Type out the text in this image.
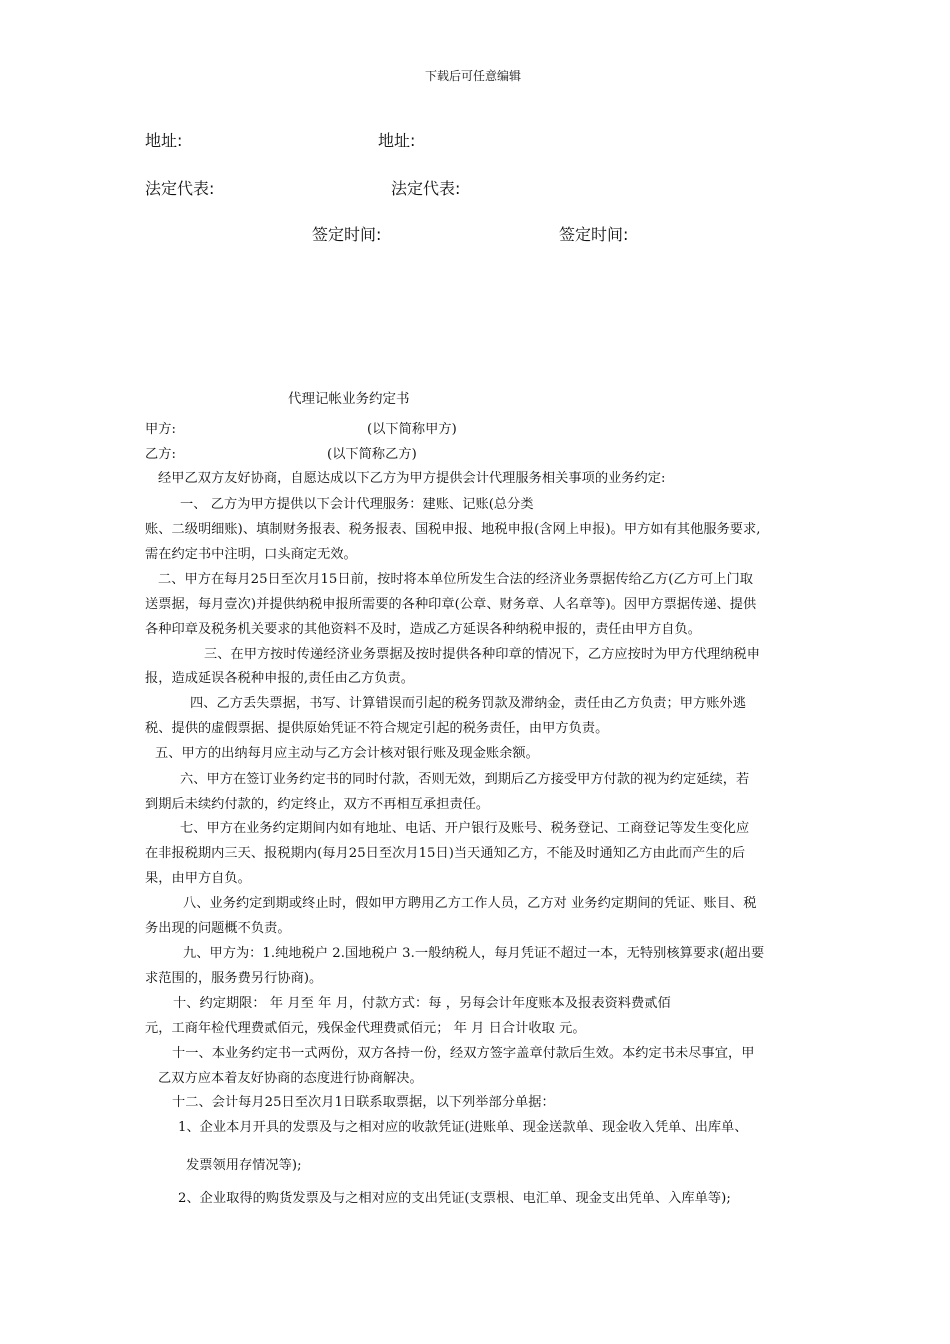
下载后可任意编辑
地址:	地址:
法定代表:	法定代表:
签定时间:	签定时间:
代理记帐业务约定书
甲方:	(以下简称甲方)
乙方:	(以下简称乙方)
经甲乙双方友好协商，自愿达成以下乙方为甲方提供会计代理服务相关事项的业务约定:
一、 乙方为甲方提供以下会计代理服务：建账、记账(总分类
账、二级明细账)、填制财务报表、税务报表、国税申报、地税申报(含网上申报)。甲方如有其他服务要求,
需在约定书中注明，口头商定无效。
二、甲方在每月25日至次月15日前，按时将本单位所发生合法的经济业务票据传给乙方(乙方可上门取
送票据，每月壹次)并提供纳税申报所需要的各种印章(公章、财务章、人名章等)。因甲方票据传递、提供
各种印章及税务机关要求的其他资料不及时，造成乙方延误各种纳税申报的，责任由甲方自负。
三、在甲方按时传递经济业务票据及按时提供各种印章的情况下，乙方应按时为甲方代理纳税申
报，造成延误各税种申报的,责任由乙方负责。
四、乙方丢失票据，书写、计算错误而引起的税务罚款及滞纳金，责任由乙方负责；甲方账外逃
税、提供的虚假票据、提供原始凭证不符合规定引起的税务责任，由甲方负责。
五、甲方的出纳每月应主动与乙方会计核对银行账及现金账余额。
六、甲方在签订业务约定书的同时付款，否则无效，到期后乙方接受甲方付款的视为约定延续，若
到期后未续约付款的，约定终止，双方不再相互承担责任。
七、甲方在业务约定期间内如有地址、电话、开户银行及账号、税务登记、工商登记等发生变化应
在非报税期内三天、报税期内(每月25日至次月15日)当天通知乙方，不能及时通知乙方由此而产生的后
果，由甲方自负。
八、业务约定到期或终止时，假如甲方聘用乙方工作人员，乙方对 业务约定期间的凭证、账目、税
务出现的问题概不负责。
九、甲方为：1.纯地税户 2.国地税户 3.一般纳税人，每月凭证不超过一本，无特别核算要求(超出要
求范围的，服务费另行协商)。
十、约定期限： 年 月至 年 月，付款方式：每 ，另每会计年度账本及报表资料费贰佰
元，工商年检代理费贰佰元，残保金代理费贰佰元； 年 月 日合计收取 元。
十一、本业务约定书一式两份，双方各持一份，经双方签字盖章付款后生效。本约定书未尽事宜，甲
乙双方应本着友好协商的态度进行协商解决。
十二、会计每月25日至次月1日联系取票据，以下列举部分单据：
1、企业本月开具的发票及与之相对应的收款凭证(进账单、现金送款单、现金收入凭单、出库单、
发票领用存情况等);
2、企业取得的购货发票及与之相对应的支出凭证(支票根、电汇单、现金支出凭单、入库单等);
